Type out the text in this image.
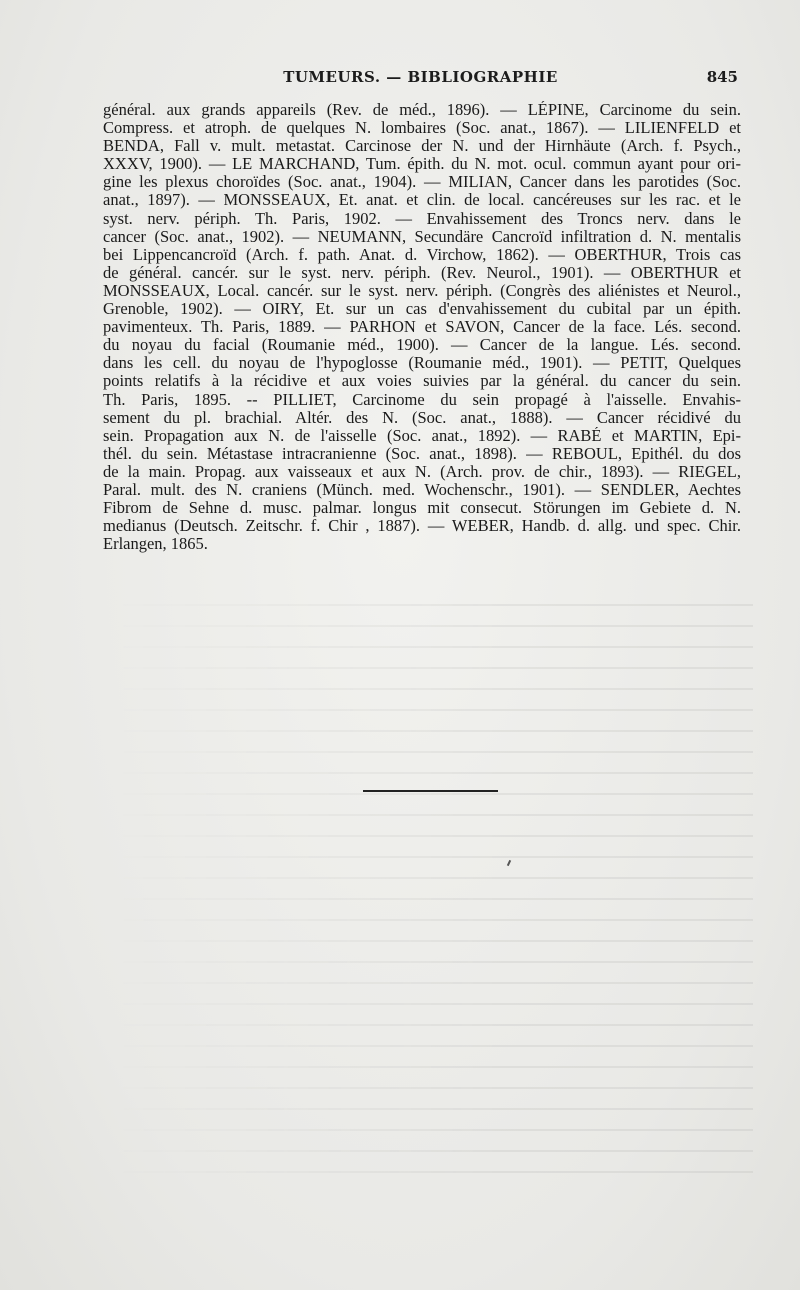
TUMEURS. — BIBLIOGRAPHIE	845
général. aux grands appareils (Rev. de méd., 1896). — LÉPINE, Carcinome du sein.
Compress. et atroph. de quelques N. lombaires (Soc. anat., 1867). — LILIENFELD et
BENDA, Fall v. mult. metastat. Carcinose der N. und der Hirnhäute (Arch. f. Psych.,
XXXV, 1900). — LE MARCHAND, Tum. épith. du N. mot. ocul. commun ayant pour ori-
gine les plexus choroïdes (Soc. anat., 1904). — MILIAN, Cancer dans les parotides (Soc.
anat., 1897). — MONSSEAUX, Et. anat. et clin. de local. cancéreuses sur les rac. et le
syst. nerv. périph. Th. Paris, 1902. — Envahissement des Troncs nerv. dans le
cancer (Soc. anat., 1902). — NEUMANN, Secundäre Cancroïd infiltration d. N. mentalis
bei Lippencancroïd (Arch. f. path. Anat. d. Virchow, 1862). — OBERTHUR, Trois cas
de général. cancér. sur le syst. nerv. périph. (Rev. Neurol., 1901). — OBERTHUR et
MONSSEAUX, Local. cancér. sur le syst. nerv. périph. (Congrès des aliénistes et Neurol.,
Grenoble, 1902). — OIRY, Et. sur un cas d'envahissement du cubital par un épith.
pavimenteux. Th. Paris, 1889. — PARHON et SAVON, Cancer de la face. Lés. second.
du noyau du facial (Roumanie méd., 1900). — Cancer de la langue. Lés. second.
dans les cell. du noyau de l'hypoglosse (Roumanie méd., 1901). — PETIT, Quelques
points relatifs à la récidive et aux voies suivies par la général. du cancer du sein.
Th. Paris, 1895. -- PILLIET, Carcinome du sein propagé à l'aisselle. Envahis-
sement du pl. brachial. Altér. des N. (Soc. anat., 1888). — Cancer récidivé du
sein. Propagation aux N. de l'aisselle (Soc. anat., 1892). — RABÉ et MARTIN, Epi-
thél. du sein. Métastase intracranienne (Soc. anat., 1898). — REBOUL, Epithél. du dos
de la main. Propag. aux vaisseaux et aux N. (Arch. prov. de chir., 1893). — RIEGEL,
Paral. mult. des N. craniens (Münch. med. Wochenschr., 1901). — SENDLER, Aechtes
Fibrom de Sehne d. musc. palmar. longus mit consecut. Störungen im Gebiete d. N.
medianus (Deutsch. Zeitschr. f. Chir , 1887). — WEBER, Handb. d. allg. und spec. Chir.
Erlangen, 1865.
